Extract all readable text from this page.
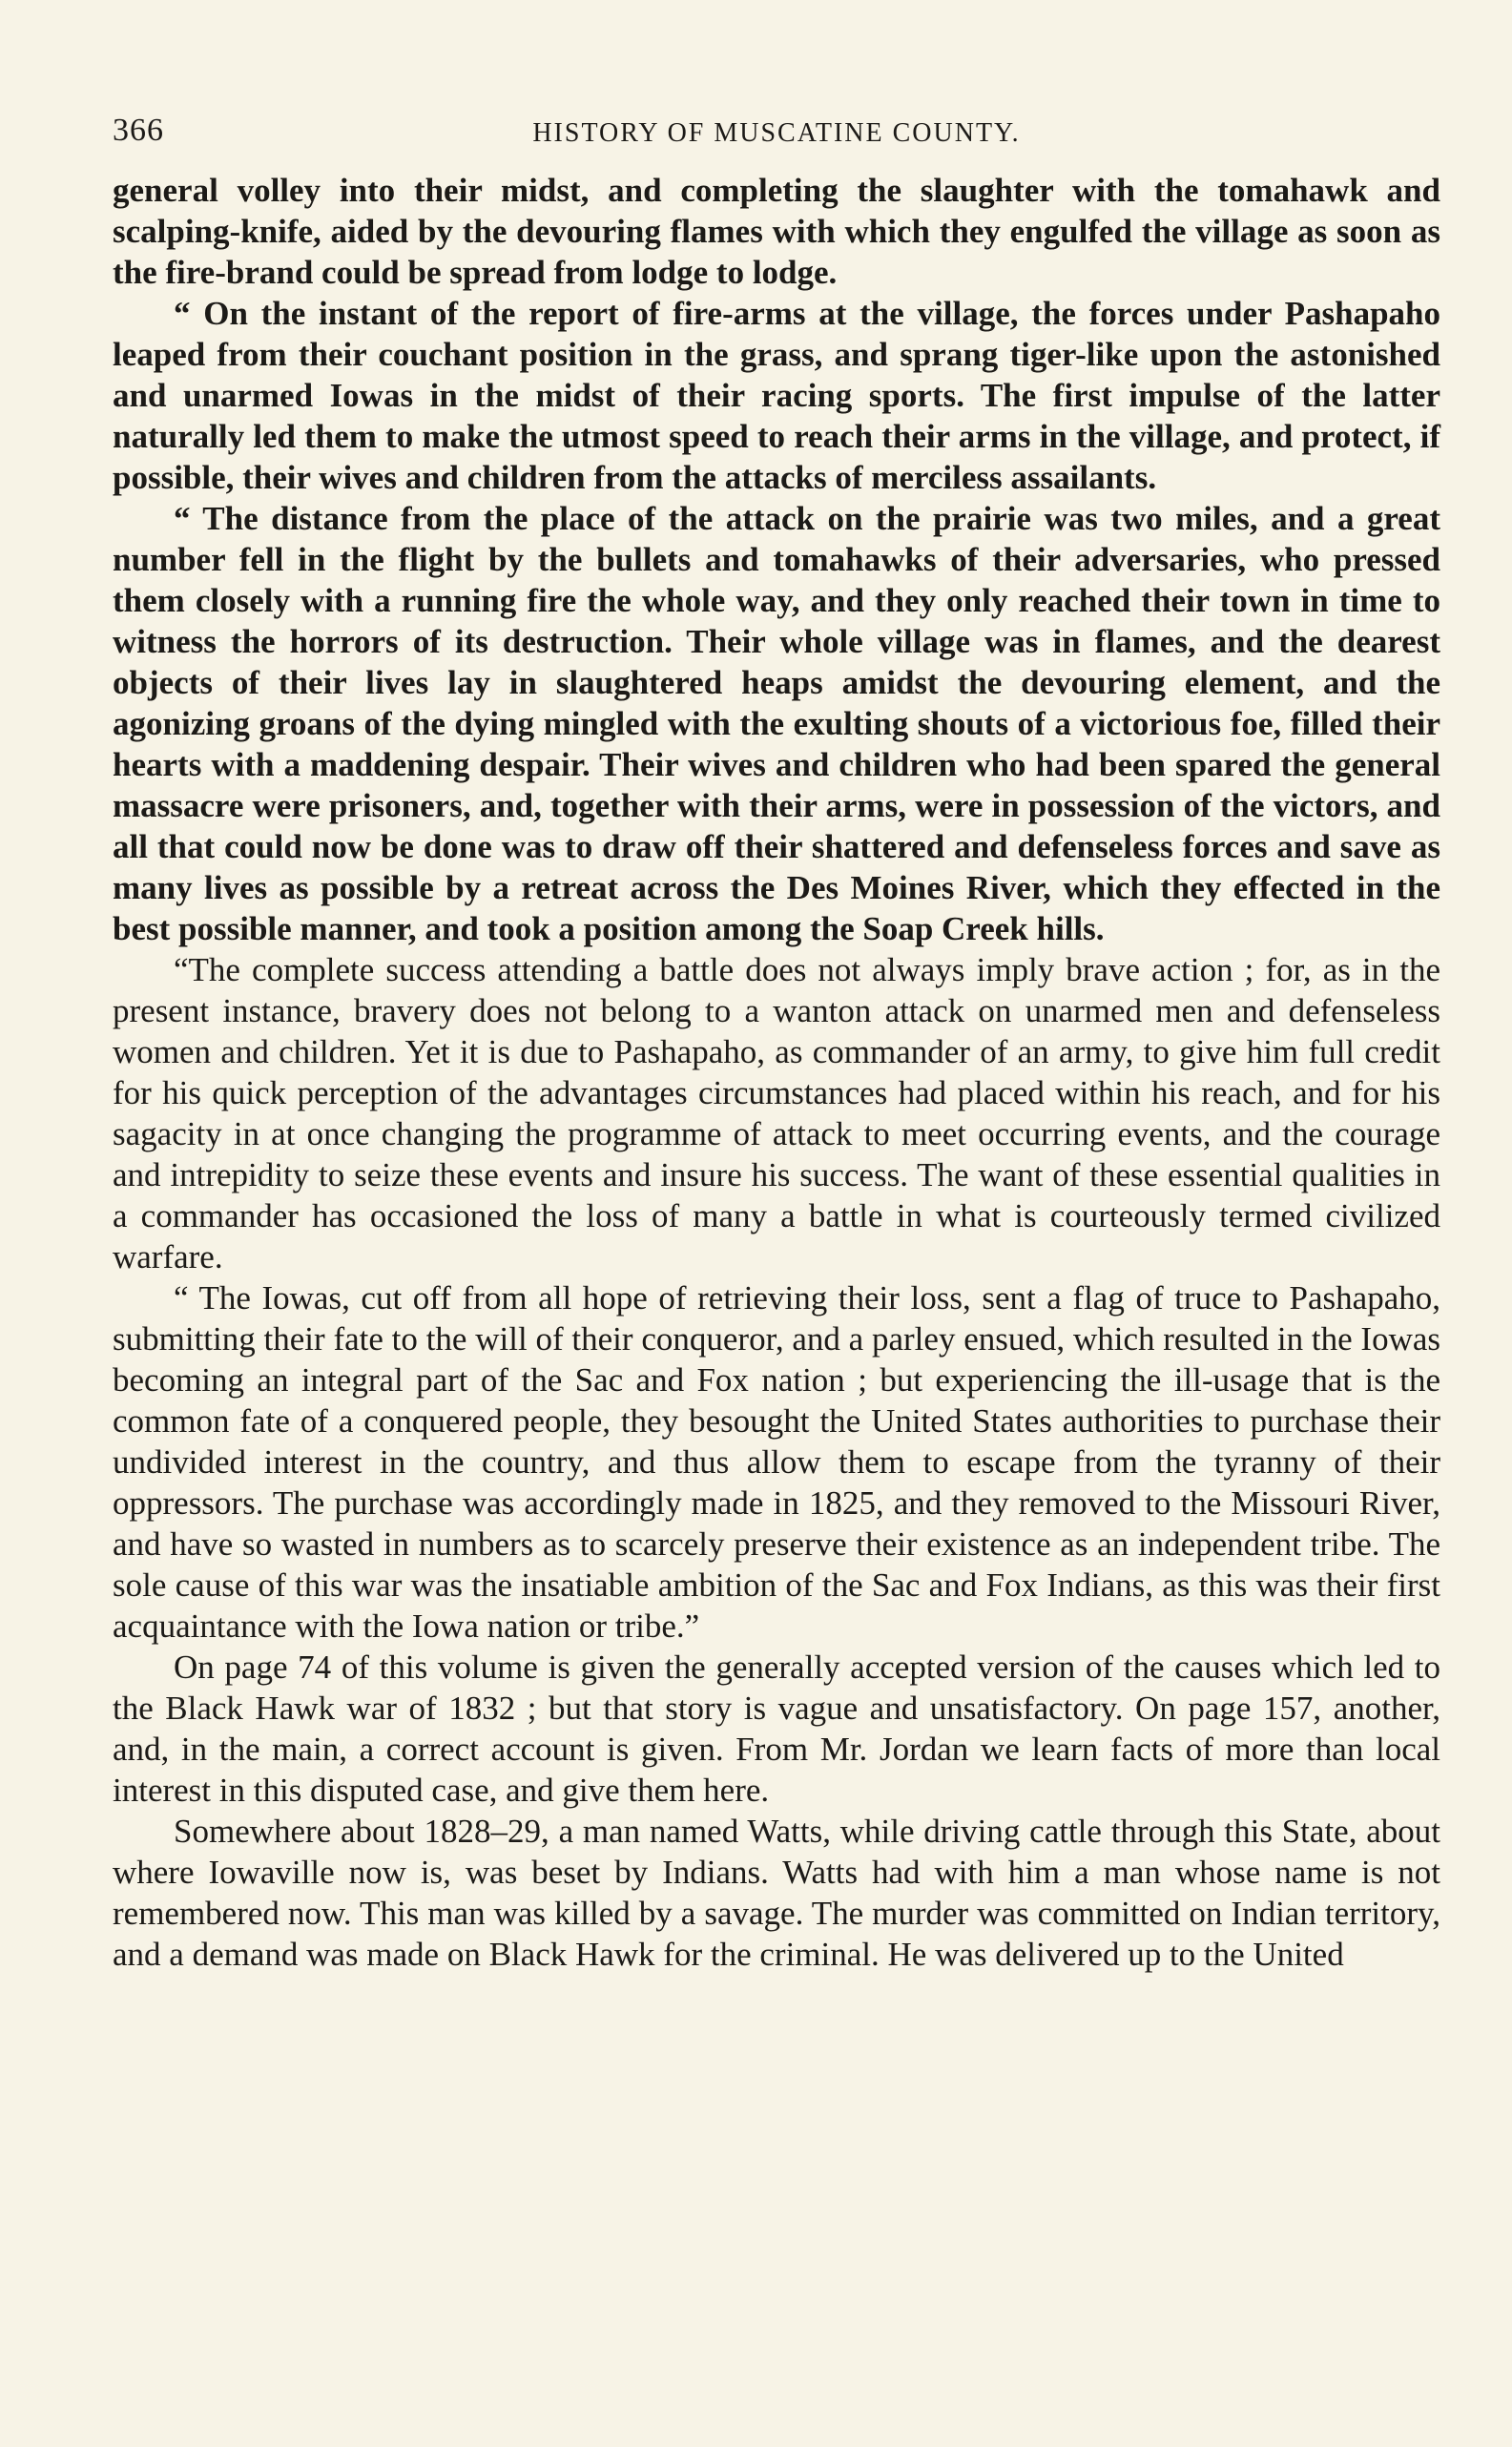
366	HISTORY OF MUSCATINE COUNTY.

general volley into their midst, and completing the slaughter with the tomahawk and scalping-knife, aided by the devouring flames with which they engulfed the village as soon as the fire-brand could be spread from lodge to lodge.

“ On the instant of the report of fire-arms at the village, the forces under Pashapaho leaped from their couchant position in the grass, and sprang tiger-like upon the astonished and unarmed Iowas in the midst of their racing sports. The first impulse of the latter naturally led them to make the utmost speed to reach their arms in the village, and protect, if possible, their wives and children from the attacks of merciless assailants.

“ The distance from the place of the attack on the prairie was two miles, and a great number fell in the flight by the bullets and tomahawks of their adversaries, who pressed them closely with a running fire the whole way, and they only reached their town in time to witness the horrors of its destruction. Their whole village was in flames, and the dearest objects of their lives lay in slaughtered heaps amidst the devouring element, and the agonizing groans of the dying mingled with the exulting shouts of a victorious foe, filled their hearts with a maddening despair. Their wives and children who had been spared the general massacre were prisoners, and, together with their arms, were in possession of the victors, and all that could now be done was to draw off their shattered and defenseless forces and save as many lives as possible by a retreat across the Des Moines River, which they effected in the best possible manner, and took a position among the Soap Creek hills.

“The complete success attending a battle does not always imply brave action ; for, as in the present instance, bravery does not belong to a wanton attack on unarmed men and defenseless women and children. Yet it is due to Pashapaho, as commander of an army, to give him full credit for his quick perception of the advantages circumstances had placed within his reach, and for his sagacity in at once changing the programme of attack to meet occurring events, and the courage and intrepidity to seize these events and insure his success. The want of these essential qualities in a commander has occasioned the loss of many a battle in what is courteously termed civilized warfare.

“ The Iowas, cut off from all hope of retrieving their loss, sent a flag of truce to Pashapaho, submitting their fate to the will of their conqueror, and a parley ensued, which resulted in the Iowas becoming an integral part of the Sac and Fox nation ; but experiencing the ill-usage that is the common fate of a conquered people, they besought the United States authorities to purchase their undivided interest in the country, and thus allow them to escape from the tyranny of their oppressors. The purchase was accordingly made in 1825, and they removed to the Missouri River, and have so wasted in numbers as to scarcely preserve their existence as an independent tribe. The sole cause of this war was the insatiable ambition of the Sac and Fox Indians, as this was their first acquaintance with the Iowa nation or tribe.”

On page 74 of this volume is given the generally accepted version of the causes which led to the Black Hawk war of 1832 ; but that story is vague and unsatisfactory. On page 157, another, and, in the main, a correct account is given. From Mr. Jordan we learn facts of more than local interest in this disputed case, and give them here.

Somewhere about 1828–29, a man named Watts, while driving cattle through this State, about where Iowaville now is, was beset by Indians. Watts had with him a man whose name is not remembered now. This man was killed by a savage. The murder was committed on Indian territory, and a demand was made on Black Hawk for the criminal. He was delivered up to the United
